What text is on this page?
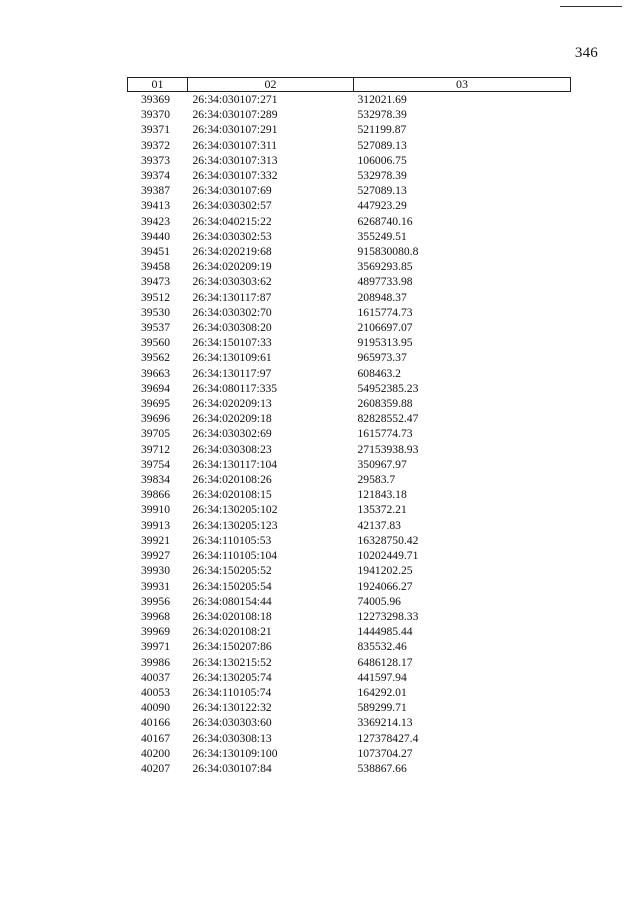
346
01	02	03
39369	26:34:030107:271	312021.69
39370	26:34:030107:289	532978.39
39371	26:34:030107:291	521199.87
39372	26:34:030107:311	527089.13
39373	26:34:030107:313	106006.75
39374	26:34:030107:332	532978.39
39387	26:34:030107:69	527089.13
39413	26:34:030302:57	447923.29
39423	26:34:040215:22	6268740.16
39440	26:34:030302:53	355249.51
39451	26:34:020219:68	915830080.8
39458	26:34:020209:19	3569293.85
39473	26:34:030303:62	4897733.98
39512	26:34:130117:87	208948.37
39530	26:34:030302:70	1615774.73
39537	26:34:030308:20	2106697.07
39560	26:34:150107:33	9195313.95
39562	26:34:130109:61	965973.37
39663	26:34:130117:97	608463.2
39694	26:34:080117:335	54952385.23
39695	26:34:020209:13	2608359.88
39696	26:34:020209:18	82828552.47
39705	26:34:030302:69	1615774.73
39712	26:34:030308:23	27153938.93
39754	26:34:130117:104	350967.97
39834	26:34:020108:26	29583.7
39866	26:34:020108:15	121843.18
39910	26:34:130205:102	135372.21
39913	26:34:130205:123	42137.83
39921	26:34:110105:53	16328750.42
39927	26:34:110105:104	10202449.71
39930	26:34:150205:52	1941202.25
39931	26:34:150205:54	1924066.27
39956	26:34:080154:44	74005.96
39968	26:34:020108:18	12273298.33
39969	26:34:020108:21	1444985.44
39971	26:34:150207:86	835532.46
39986	26:34:130215:52	6486128.17
40037	26:34:130205:74	441597.94
40053	26:34:110105:74	164292.01
40090	26:34:130122:32	589299.71
40166	26:34:030303:60	3369214.13
40167	26:34:030308:13	127378427.4
40200	26:34:130109:100	1073704.27
40207	26:34:030107:84	538867.66
